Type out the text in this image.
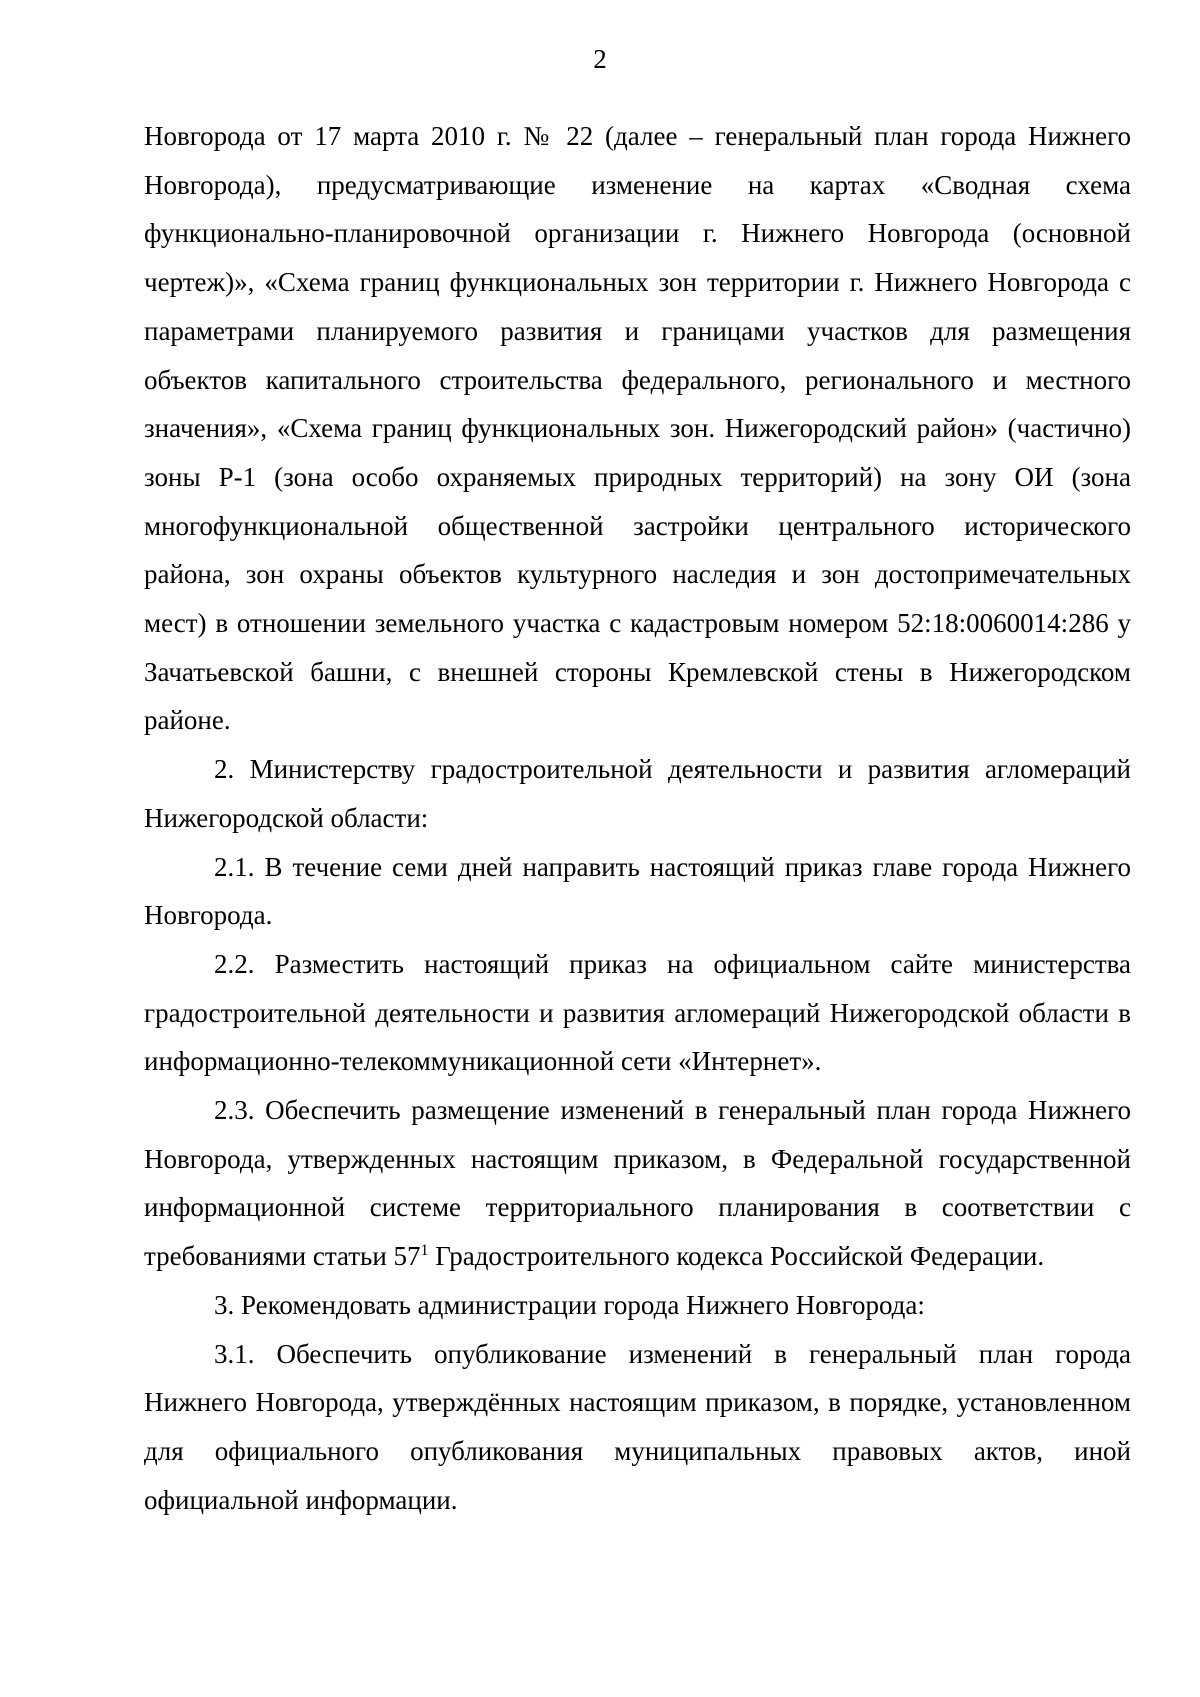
2

Новгорода от 17 марта 2010 г. № 22 (далее – генеральный план города Нижнего Новгорода), предусматривающие изменение на картах «Сводная схема функционально-планировочной организации г. Нижнего Новгорода (основной чертеж)», «Схема границ функциональных зон территории г. Нижнего Новгорода с параметрами планируемого развития и границами участков для размещения объектов капитального строительства федерального, регионального и местного значения», «Схема границ функциональных зон. Нижегородский район» (частично) зоны Р-1 (зона особо охраняемых природных территорий) на зону ОИ (зона многофункциональной общественной застройки центрального исторического района, зон охраны объектов культурного наследия и зон достопримечательных мест) в отношении земельного участка с кадастровым номером 52:18:0060014:286 у Зачатьевской башни, с внешней стороны Кремлевской стены в Нижегородском районе.

2. Министерству градостроительной деятельности и развития агломераций Нижегородской области:

2.1. В течение семи дней направить настоящий приказ главе города Нижнего Новгорода.

2.2. Разместить настоящий приказ на официальном сайте министерства градостроительной деятельности и развития агломераций Нижегородской области в информационно-телекоммуникационной сети «Интернет».

2.3. Обеспечить размещение изменений в генеральный план города Нижнего Новгорода, утвержденных настоящим приказом, в Федеральной государственной информационной системе территориального планирования в соответствии с требованиями статьи $57^1$ Градостроительного кодекса Российской Федерации.

3. Рекомендовать администрации города Нижнего Новгорода:

3.1. Обеспечить опубликование изменений в генеральный план города Нижнего Новгорода, утверждённых настоящим приказом, в порядке, установленном для официального опубликования муниципальных правовых актов, иной официальной информации.
